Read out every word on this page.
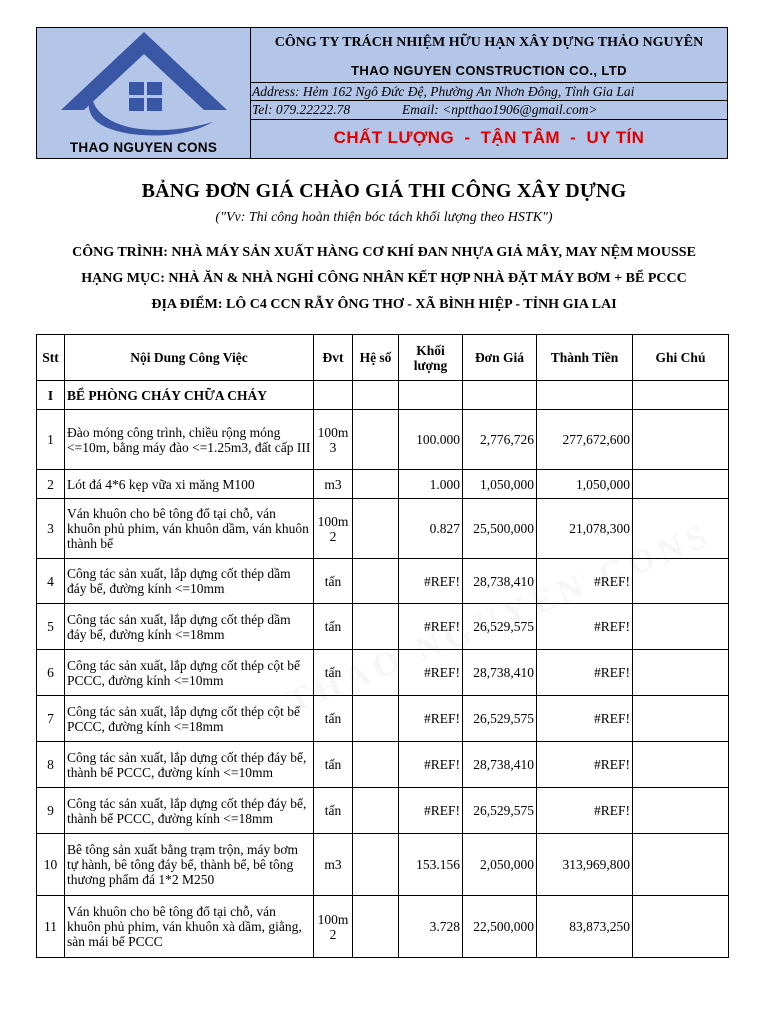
THAO NGUYEN CONS
CÔNG TY TRÁCH NHIỆM HỮU HẠN XÂY DỰNG THẢO NGUYÊN
THAO NGUYEN CONSTRUCTION CO., LTD
Address: Hẻm 162 Ngô Đức Đệ, Phường An Nhơn Đông, Tỉnh Gia Lai
Tel: 079.22222.78	Email: <nptthao1906@gmail.com>
CHẤT LƯỢNG  -  TẬN TÂM  -  UY TÍN
BẢNG ĐƠN GIÁ CHÀO GIÁ THI CÔNG XÂY DỰNG
("Vv: Thi công hoàn thiện bóc tách khối lượng theo HSTK")
CÔNG TRÌNH: NHÀ MÁY SẢN XUẤT HÀNG CƠ KHÍ ĐAN NHỰA GIẢ MÂY, MAY NỆM MOUSSE
HẠNG MỤC: NHÀ ĂN & NHÀ NGHỈ CÔNG NHÂN KẾT HỢP NHÀ ĐẶT MÁY BƠM + BỂ PCCC
ĐỊA ĐIỂM: LÔ C4 CCN RẪY ÔNG THƠ - XÃ BÌNH HIỆP - TỈNH GIA LAI
Stt	Nội Dung Công Việc	Đvt	Hệ số	Khối lượng	Đơn Giá	Thành Tiền	Ghi Chú
I	BỂ PHÒNG CHÁY CHỮA CHÁY						
1	Đào móng công trình, chiều rộng móng <=10m, bằng máy đào <=1.25m3, đất cấp III	100m 3		100.000	2,776,726	277,672,600	
2	Lót đá 4*6 kẹp vữa xi măng M100	m3		1.000	1,050,000	1,050,000	
3	Ván khuôn cho bê tông đổ tại chỗ, ván khuôn phủ phim, ván khuôn dầm, ván khuôn thành bể	100m 2		0.827	25,500,000	21,078,300	
4	Công tác sản xuất, lắp dựng cốt thép dầm đáy bể, đường kính <=10mm	tấn		#REF!	28,738,410	#REF!	
5	Công tác sản xuất, lắp dựng cốt thép dầm đáy bể, đường kính <=18mm	tấn		#REF!	26,529,575	#REF!	
6	Công tác sản xuất, lắp dựng cốt thép cột bể PCCC, đường kính <=10mm	tấn		#REF!	28,738,410	#REF!	
7	Công tác sản xuất, lắp dựng cốt thép cột bể PCCC, đường kính <=18mm	tấn		#REF!	26,529,575	#REF!	
8	Công tác sản xuất, lắp dựng cốt thép đáy bể, thành bể PCCC, đường kính <=10mm	tấn		#REF!	28,738,410	#REF!	
9	Công tác sản xuất, lắp dựng cốt thép đáy bể, thành bể PCCC, đường kính <=18mm	tấn		#REF!	26,529,575	#REF!	
10	Bê tông sản xuất bằng trạm trộn, máy bơm tự hành, bê tông đáy bể, thành bể, bê tông thương phẩm đá 1*2 M250	m3		153.156	2,050,000	313,969,800	
11	Ván khuôn cho bê tông đổ tại chỗ, ván khuôn phủ phim, ván khuôn xà dầm, giằng, sàn mái bể PCCC	100m 2		3.728	22,500,000	83,873,250	
